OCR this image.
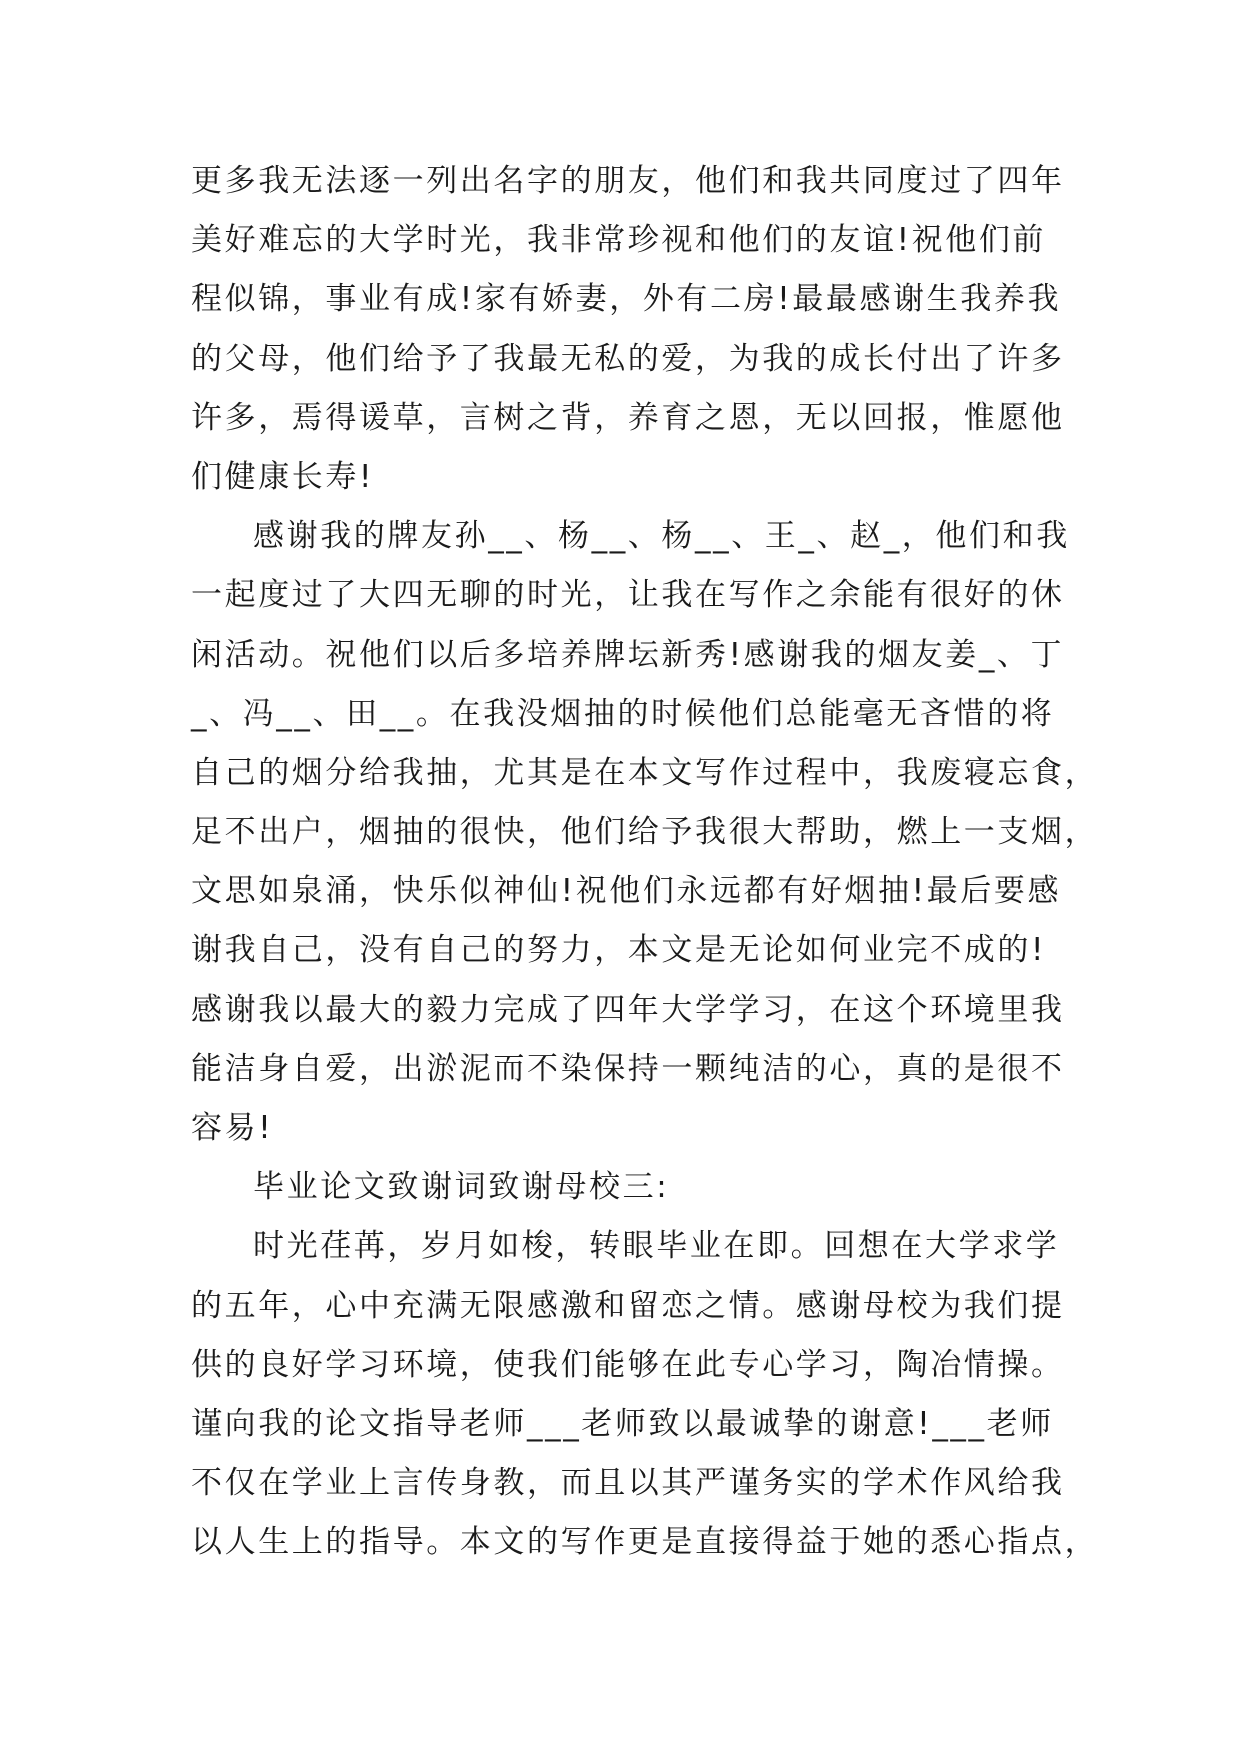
更多我无法逐一列出名字的朋友，他们和我共同度过了四年
美好难忘的大学时光，我非常珍视和他们的友谊!祝他们前
程似锦，事业有成!家有娇妻，外有二房!最最感谢生我养我
的父母，他们给予了我最无私的爱，为我的成长付出了许多
许多，焉得谖草，言树之背，养育之恩，无以回报，惟愿他
们健康长寿!
感谢我的牌友孙__、杨__、杨__、王_、赵_，他们和我
一起度过了大四无聊的时光，让我在写作之余能有很好的休
闲活动。祝他们以后多培养牌坛新秀!感谢我的烟友姜_、丁
_、冯__、田__。在我没烟抽的时候他们总能毫无吝惜的将
自己的烟分给我抽，尤其是在本文写作过程中，我废寝忘食，
足不出户，烟抽的很快，他们给予我很大帮助，燃上一支烟，
文思如泉涌，快乐似神仙!祝他们永远都有好烟抽!最后要感
谢我自己，没有自己的努力，本文是无论如何业完不成的!
感谢我以最大的毅力完成了四年大学学习，在这个环境里我
能洁身自爱，出淤泥而不染保持一颗纯洁的心，真的是很不
容易!
毕业论文致谢词致谢母校三:
时光荏苒，岁月如梭，转眼毕业在即。回想在大学求学
的五年，心中充满无限感激和留恋之情。感谢母校为我们提
供的良好学习环境，使我们能够在此专心学习，陶冶情操。
谨向我的论文指导老师___老师致以最诚挚的谢意!___老师
不仅在学业上言传身教，而且以其严谨务实的学术作风给我
以人生上的指导。本文的写作更是直接得益于她的悉心指点，
